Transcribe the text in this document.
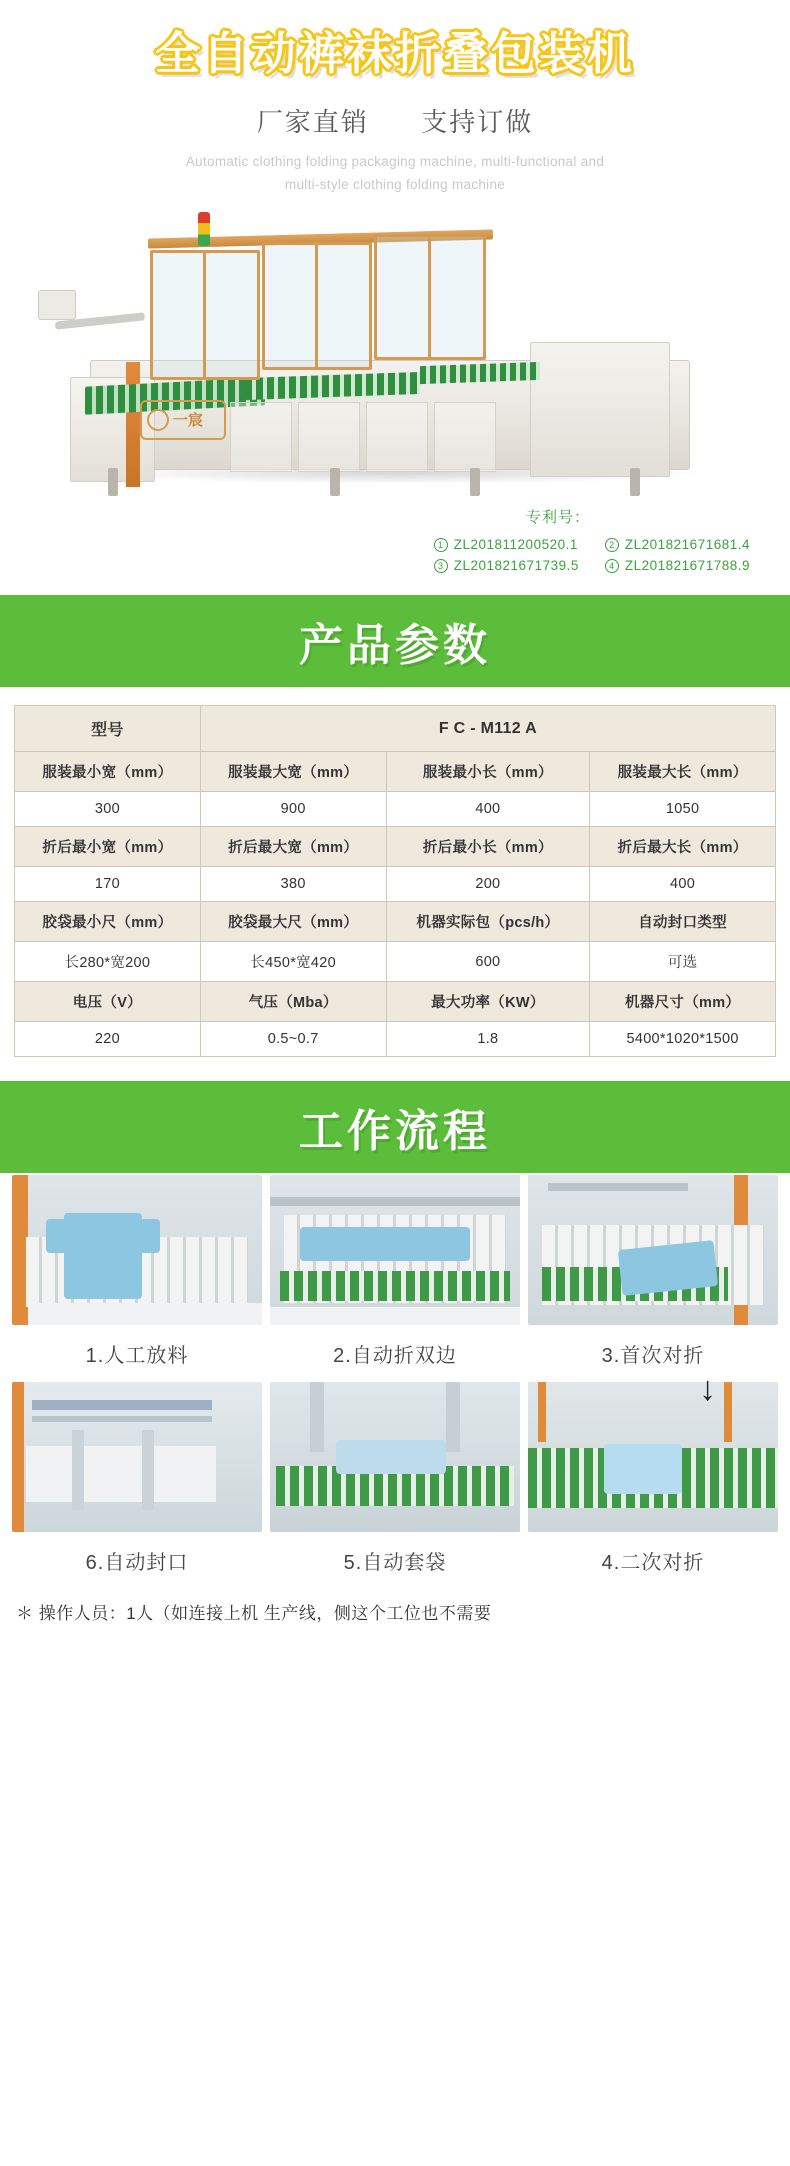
全自动裤袜折叠包装机
厂家直销 支持订做
Automatic clothing folding packaging machine, multi-functional and
multi-style clothing folding machine
一宸
专利号：
1 ZL201811200520.1	2 ZL201821671681.4
3 ZL201821671739.5	4 ZL201821671788.9
产品参数
型号	F C - M112 A		
服装最小宽（mm）	服装最大宽（mm）	服装最小长（mm）	服装最大长（mm）
300	900	400	1050
折后最小宽（mm）	折后最大宽（mm）	折后最小长（mm）	折后最大长（mm）
170	380	200	400
胶袋最小尺（mm）	胶袋最大尺（mm）	机器实际包（pcs/h）	自动封口类型
长280*宽200	长450*宽420	600	可选
电压（V）	气压（Mba）	最大功率（KW）	机器尺寸（mm）
220	0.5~0.7	1.8	5400*1020*1500
工作流程
1.人工放料	2.自动折双边	3.首次对折
↓
6.自动封口	5.自动套袋	4.二次对折
＊ 操作人员：1人（如连接上机 生产线，侧这个工位也不需要
